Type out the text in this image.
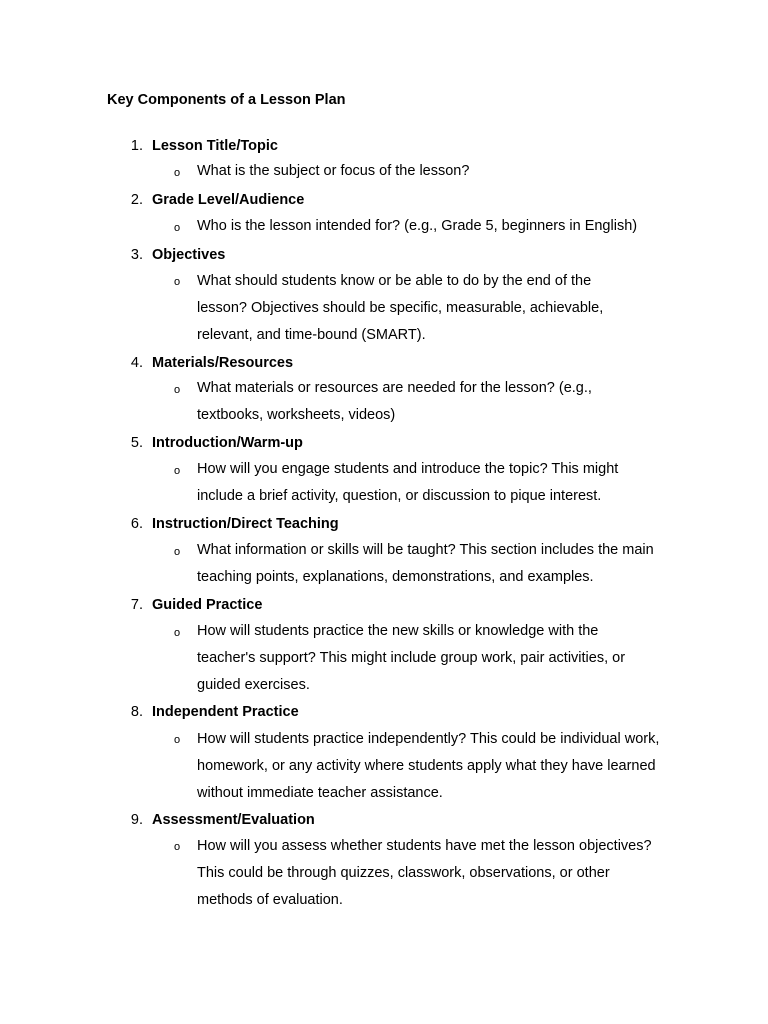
Key Components of a Lesson Plan
1. Lesson Title/Topic
o What is the subject or focus of the lesson?
2. Grade Level/Audience
o Who is the lesson intended for? (e.g., Grade 5, beginners in English)
3. Objectives
o What should students know or be able to do by the end of the lesson? Objectives should be specific, measurable, achievable, relevant, and time-bound (SMART).
4. Materials/Resources
o What materials or resources are needed for the lesson? (e.g., textbooks, worksheets, videos)
5. Introduction/Warm-up
o How will you engage students and introduce the topic? This might include a brief activity, question, or discussion to pique interest.
6. Instruction/Direct Teaching
o What information or skills will be taught? This section includes the main teaching points, explanations, demonstrations, and examples.
7. Guided Practice
o How will students practice the new skills or knowledge with the teacher's support? This might include group work, pair activities, or guided exercises.
8. Independent Practice
o How will students practice independently? This could be individual work, homework, or any activity where students apply what they have learned without immediate teacher assistance.
9. Assessment/Evaluation
o How will you assess whether students have met the lesson objectives? This could be through quizzes, classwork, observations, or other methods of evaluation.
